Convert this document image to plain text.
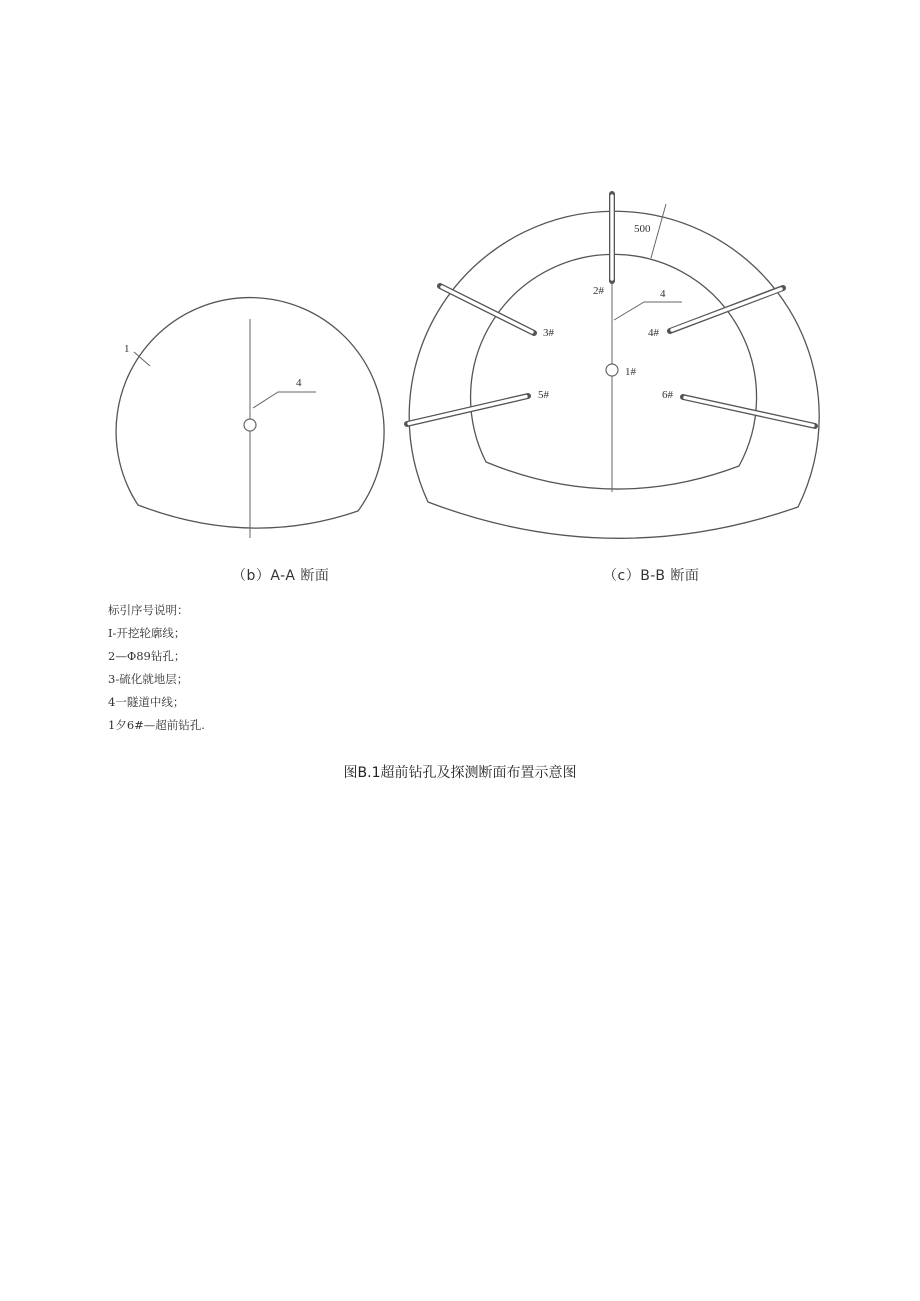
1
4
（b）A-A 断面
500
4
2#
3#	4#
1#
5#	6#
（c）B-B 断面
标引序号说明：
I-开挖轮廓线；
2—Φ89钻孔；
3-硫化就地层；
4一隧道中线；
1夕6#—超前钻孔.
图B.1超前钻孔及探测断面布置示意图
